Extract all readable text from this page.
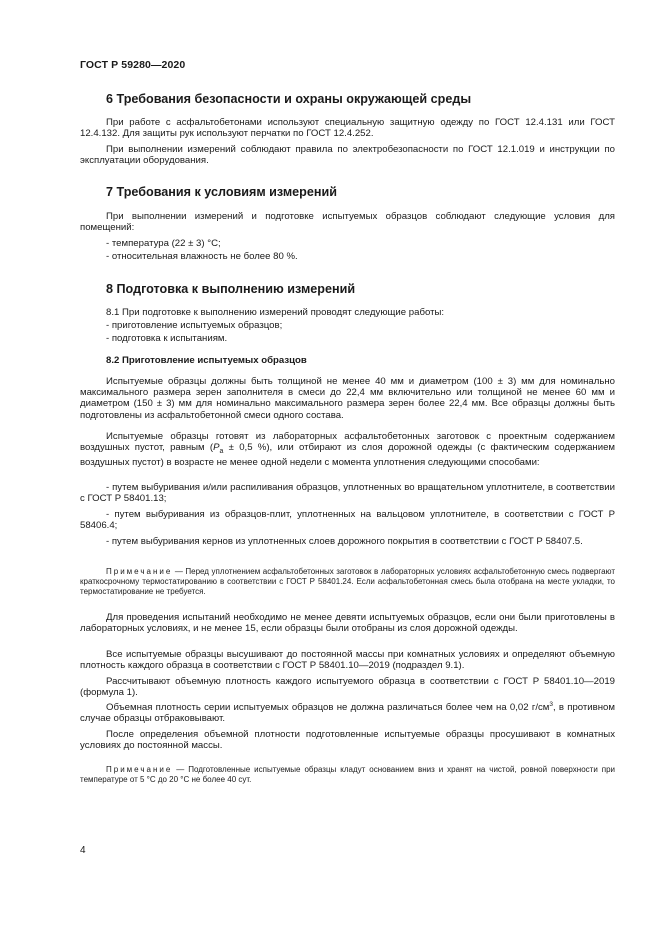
ГОСТ Р 59280—2020
6 Требования безопасности и охраны окружающей среды
При работе с асфальтобетонами используют специальную защитную одежду по ГОСТ 12.4.131 или ГОСТ 12.4.132. Для защиты рук используют перчатки по ГОСТ 12.4.252.
При выполнении измерений соблюдают правила по электробезопасности по ГОСТ 12.1.019 и инструкции по эксплуатации оборудования.
7 Требования к условиям измерений
При выполнении измерений и подготовке испытуемых образцов соблюдают следующие условия для помещений:
- температура (22 ± 3) °С;
- относительная влажность не более 80 %.
8 Подготовка к выполнению измерений
8.1 При подготовке к выполнению измерений проводят следующие работы:
- приготовление испытуемых образцов;
- подготовка к испытаниям.
8.2 Приготовление испытуемых образцов
Испытуемые образцы должны быть толщиной не менее 40 мм и диаметром (100 ± 3) мм для номинально максимального размера зерен заполнителя в смеси до 22,4 мм включительно или толщиной не менее 60 мм и диаметром (150 ± 3) мм для номинально максимального размера зерен более 22,4 мм. Все образцы должны быть подготовлены из асфальтобетонной смеси одного состава.
Испытуемые образцы готовят из лабораторных асфальтобетонных заготовок с проектным содержанием воздушных пустот, равным ($P_a \pm 0,5$ %), или отбирают из слоя дорожной одежды (с фактическим содержанием воздушных пустот) в возрасте не менее одной недели с момента уплотнения следующими способами:
- путем выбуривания и/или распиливания образцов, уплотненных во вращательном уплотнителе, в соответствии с ГОСТ Р 58401.13;
- путем выбуривания из образцов-плит, уплотненных на вальцовом уплотнителе, в соответствии с ГОСТ Р 58406.4;
- путем выбуривания кернов из уплотненных слоев дорожного покрытия в соответствии с ГОСТ Р 58407.5.
Примечание — Перед уплотнением асфальтобетонных заготовок в лабораторных условиях асфальтобетонную смесь подвергают краткосрочному термостатированию в соответствии с ГОСТ Р 58401.24. Если асфальтобетонная смесь была отобрана на месте укладки, то термостатирование не требуется.
Для проведения испытаний необходимо не менее девяти испытуемых образцов, если они были приготовлены в лабораторных условиях, и не менее 15, если образцы были отобраны из слоя дорожной одежды.
Все испытуемые образцы высушивают до постоянной массы при комнатных условиях и определяют объемную плотность каждого образца в соответствии с ГОСТ Р 58401.10—2019 (подраздел 9.1).
Рассчитывают объемную плотность каждого испытуемого образца в соответствии с ГОСТ Р 58401.10—2019 (формула 1).
Объемная плотность серии испытуемых образцов не должна различаться более чем на 0,02 $г/см^3$, в противном случае образцы отбраковывают.
После определения объемной плотности подготовленные испытуемые образцы просушивают в комнатных условиях до постоянной массы.
Примечание — Подготовленные испытуемые образцы кладут основанием вниз и хранят на чистой, ровной поверхности при температуре от 5 °С до 20 °С не более 40 сут.
4
